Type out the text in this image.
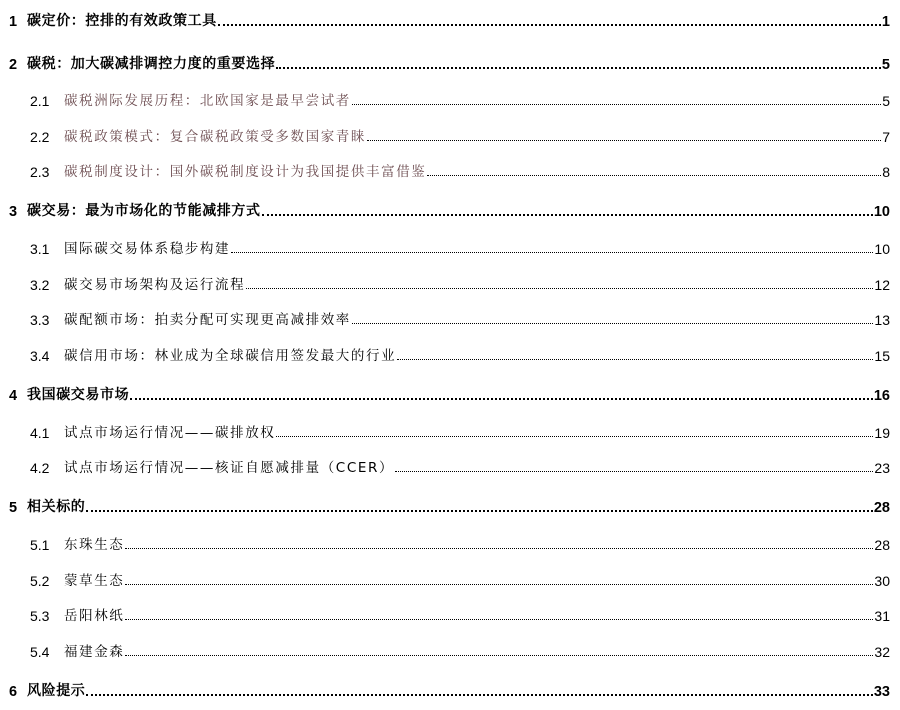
1 碳定价：控排的有效政策工具	1
2 碳税：加大碳减排调控力度的重要选择	5
2.1	碳税洲际发展历程：北欧国家是最早尝试者	5
2.2	碳税政策模式：复合碳税政策受多数国家青睐	7
2.3	碳税制度设计：国外碳税制度设计为我国提供丰富借鉴	8
3 碳交易：最为市场化的节能减排方式	10
3.1	国际碳交易体系稳步构建	10
3.2	碳交易市场架构及运行流程	12
3.3	碳配额市场：拍卖分配可实现更高减排效率	13
3.4	碳信用市场：林业成为全球碳信用签发最大的行业	15
4 我国碳交易市场	16
4.1	试点市场运行情况——碳排放权	19
4.2	试点市场运行情况——核证自愿减排量（CCER）	23
5 相关标的	28
5.1	东珠生态	28
5.2	蒙草生态	30
5.3	岳阳林纸	31
5.4	福建金森	32
6 风险提示	33
